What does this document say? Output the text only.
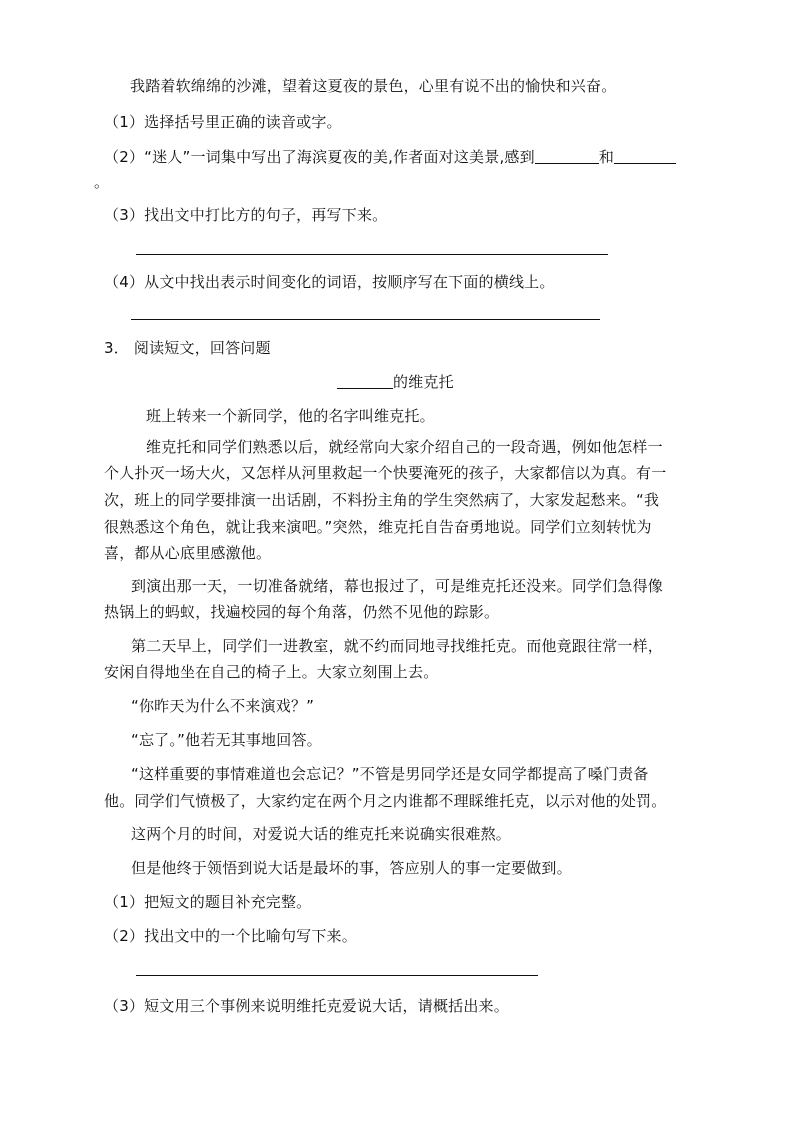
我踏着软绵绵的沙滩，望着这夏夜的景色，心里有说不出的愉快和兴奋。
（1）选择括号里正确的读音或字。
（2）“迷人”一词集中写出了海滨夏夜的美,作者面对这美景,感到	和
。
（3）找出文中打比方的句子，再写下来。
（4）从文中找出表示时间变化的词语，按顺序写在下面的横线上。
3． 阅读短文，回答问题
的维克托
班上转来一个新同学，他的名字叫维克托。
维克托和同学们熟悉以后，就经常向大家介绍自己的一段奇遇，例如他怎样一
个人扑灭一场大火，又怎样从河里救起一个快要淹死的孩子，大家都信以为真。有一
次，班上的同学要排演一出话剧，不料扮主角的学生突然病了，大家发起愁来。“我
很熟悉这个角色，就让我来演吧。”突然，维克托自告奋勇地说。同学们立刻转忧为
喜，都从心底里感激他。
到演出那一天，一切准备就绪，幕也报过了，可是维克托还没来。同学们急得像
热锅上的蚂蚁，找遍校园的每个角落，仍然不见他的踪影。
第二天早上，同学们一进教室，就不约而同地寻找维托克。而他竟跟往常一样，
安闲自得地坐在自己的椅子上。大家立刻围上去。
“你昨天为什么不来演戏？”
“忘了。”他若无其事地回答。
“这样重要的事情难道也会忘记？”不管是男同学还是女同学都提高了嗓门责备
他。同学们气愤极了，大家约定在两个月之内谁都不理睬维托克，以示对他的处罚。
这两个月的时间，对爱说大话的维克托来说确实很难熬。
但是他终于领悟到说大话是最坏的事，答应别人的事一定要做到。
（1）把短文的题目补充完整。
（2）找出文中的一个比喻句写下来。
（3）短文用三个事例来说明维托克爱说大话，请概括出来。
